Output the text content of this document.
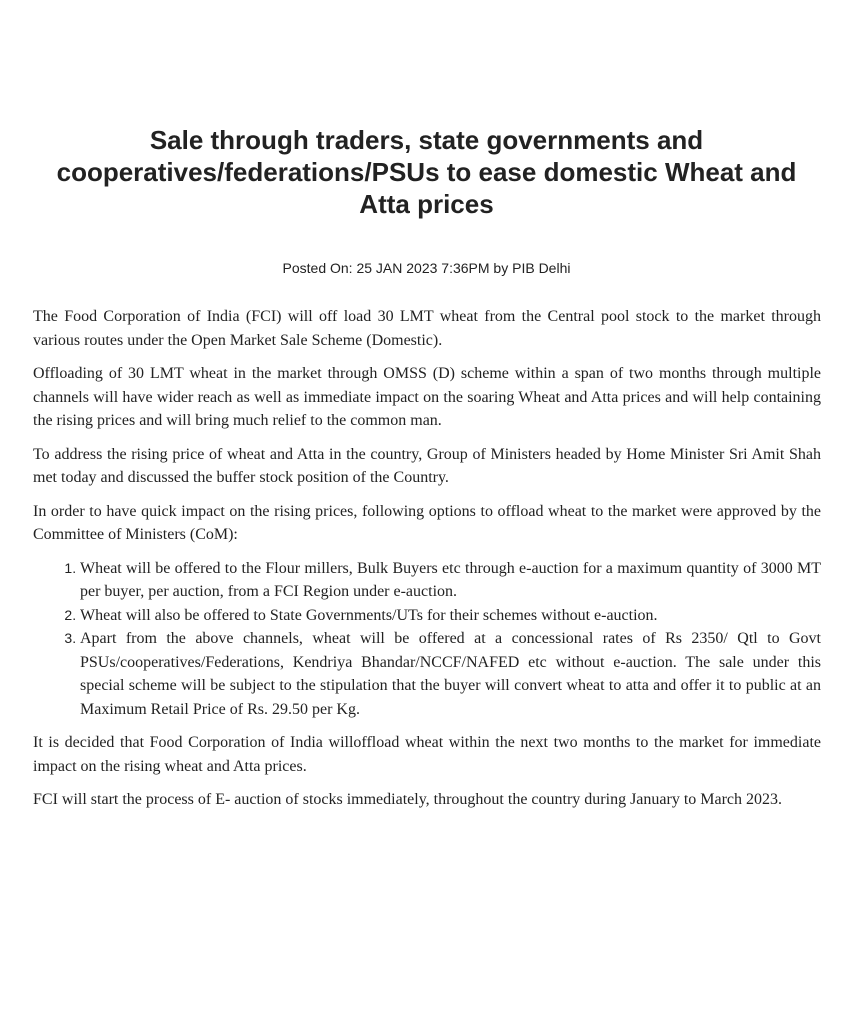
Sale through traders, state governments and cooperatives/federations/PSUs to ease domestic Wheat and Atta prices
Posted On: 25 JAN 2023 7:36PM by PIB Delhi

The Food Corporation of India (FCI) will off load 30 LMT wheat from the Central pool stock to the market through various routes under the Open Market Sale Scheme (Domestic).

Offloading of 30 LMT wheat in the market through OMSS (D) scheme within a span of two months through multiple channels will have wider reach as well as immediate impact on the soaring Wheat and Atta prices and will help containing the rising prices and will bring much relief to the common man.

To address the rising price of wheat and Atta in the country, Group of Ministers headed by Home Minister Sri Amit Shah met today and discussed the buffer stock position of the Country.

In order to have quick impact on the rising prices, following options to offload wheat to the market were approved by the Committee of Ministers (CoM):

1. Wheat will be offered to the Flour millers, Bulk Buyers etc through e-auction for a maximum quantity of 3000 MT per buyer, per auction, from a FCI Region under e-auction.
2. Wheat will also be offered to State Governments/UTs for their schemes without e-auction.
3. Apart from the above channels, wheat will be offered at a concessional rates of Rs 2350/ Qtl to Govt PSUs/cooperatives/Federations, Kendriya Bhandar/NCCF/NAFED etc without e-auction. The sale under this special scheme will be subject to the stipulation that the buyer will convert wheat to atta and offer it to public at an Maximum Retail Price of Rs. 29.50 per Kg.

It is decided that Food Corporation of India willoffload wheat within the next two months to the market for immediate impact on the rising wheat and Atta prices.

FCI will start the process of E- auction of stocks immediately, throughout the country during January to March 2023.
